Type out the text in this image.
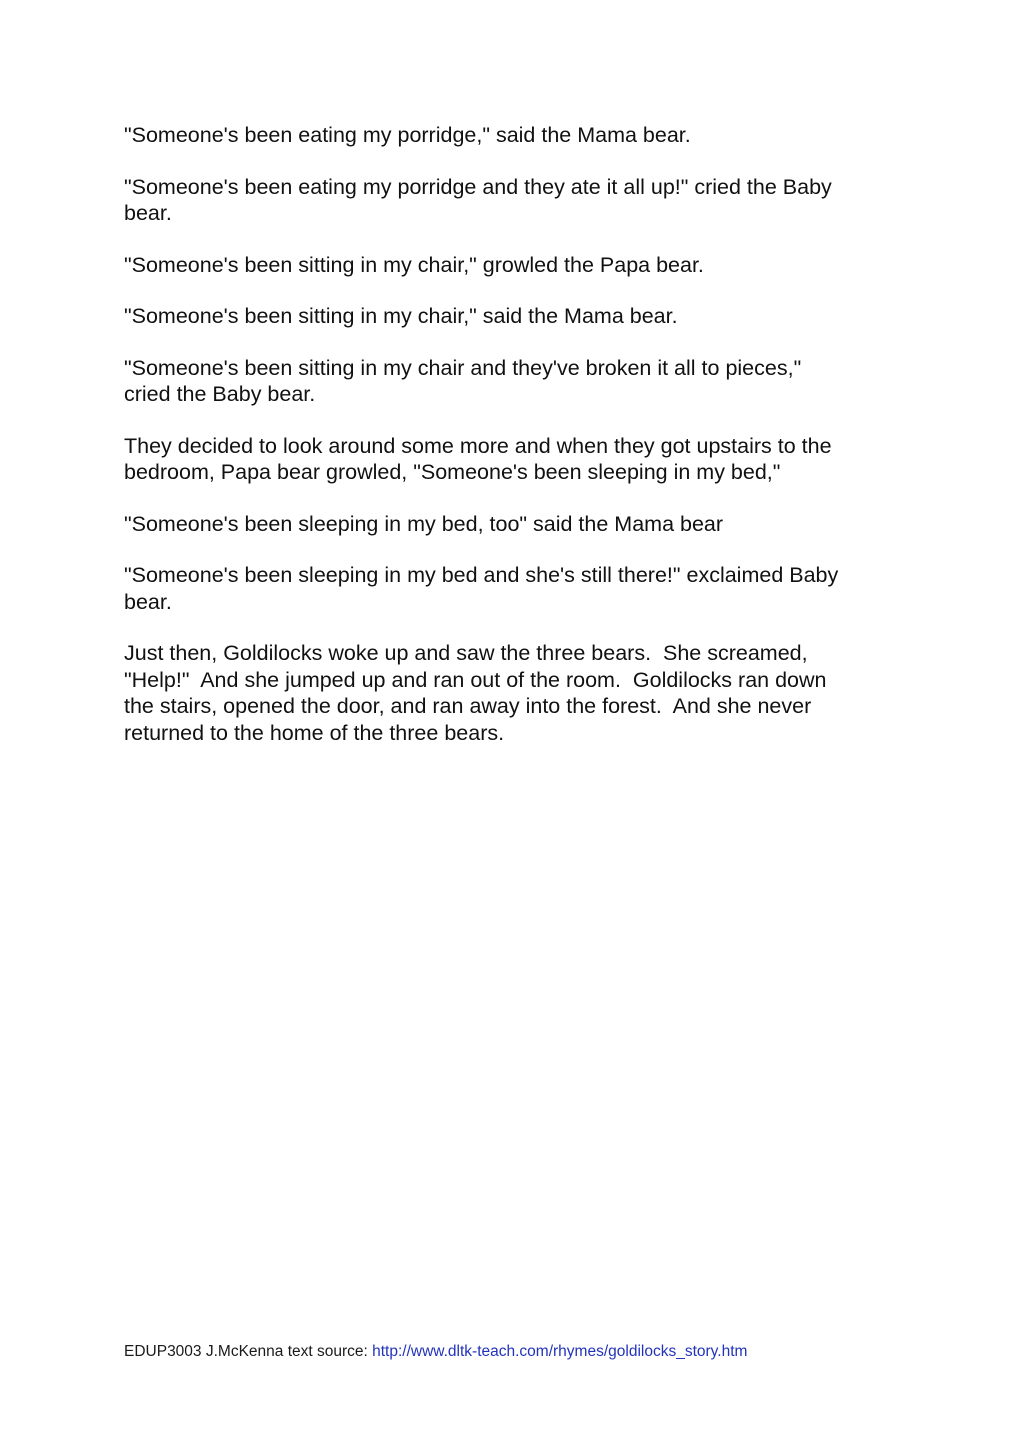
"Someone's been eating my porridge," said the Mama bear.

"Someone's been eating my porridge and they ate it all up!" cried the Baby
bear.

"Someone's been sitting in my chair," growled the Papa bear.

"Someone's been sitting in my chair," said the Mama bear.

"Someone's been sitting in my chair and they've broken it all to pieces,"
cried the Baby bear.

They decided to look around some more and when they got upstairs to the
bedroom, Papa bear growled, "Someone's been sleeping in my bed,"

"Someone's been sleeping in my bed, too" said the Mama bear

"Someone's been sleeping in my bed and she's still there!" exclaimed Baby
bear.

Just then, Goldilocks woke up and saw the three bears.  She screamed,
"Help!"  And she jumped up and ran out of the room.  Goldilocks ran down
the stairs, opened the door, and ran away into the forest.  And she never
returned to the home of the three bears.

EDUP3003 J.McKenna text source: http://www.dltk-teach.com/rhymes/goldilocks_story.htm
